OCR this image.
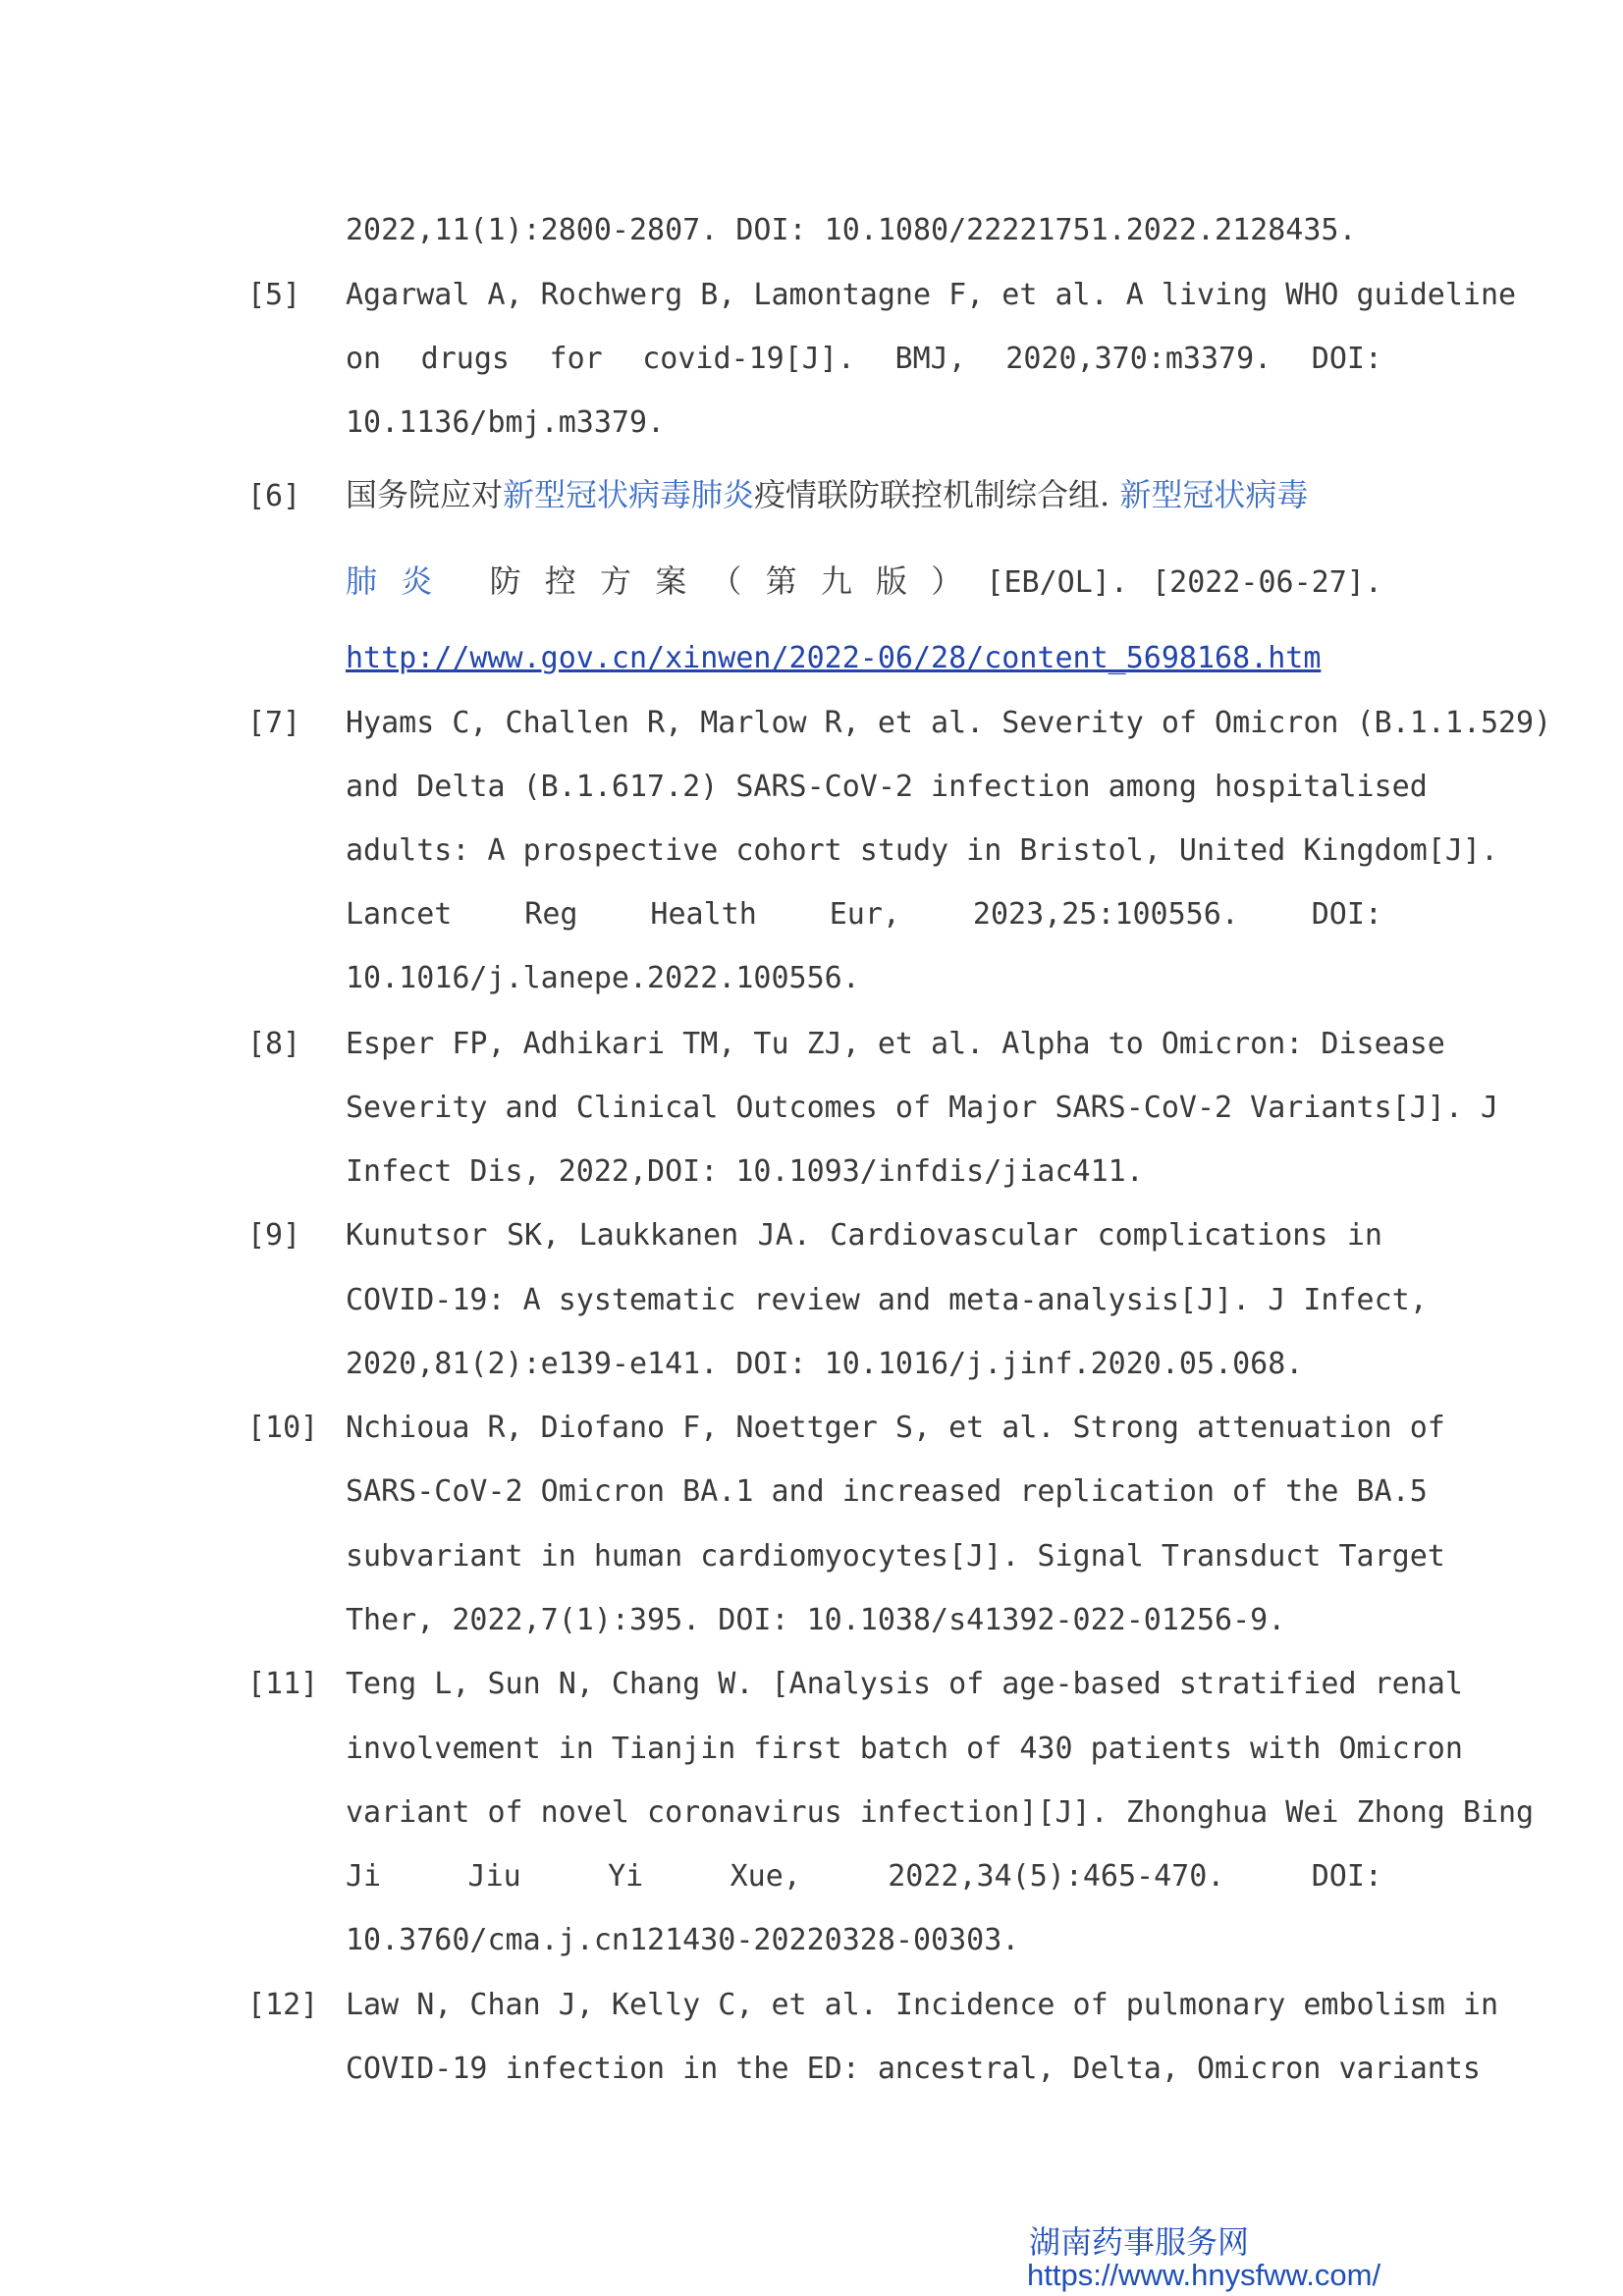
2022,11(1):2800-2807. DOI: 10.1080/22221751.2022.2128435.
[5] Agarwal A, Rochwerg B, Lamontagne F, et al. A living WHO guideline
on drugs for covid-19[J]. BMJ, 2020,370:m3379. DOI:
10.1136/bmj.m3379.
[6] 国务院应对新型冠状病毒肺炎疫情联防联控机制综合组. 新型冠状病毒
肺 炎 防 控 方 案 （ 第 九 版 ） [EB/OL]. [2022-06-27].
http://www.gov.cn/xinwen/2022-06/28/content_5698168.htm
[7] Hyams C, Challen R, Marlow R, et al. Severity of Omicron (B.1.1.529)
and Delta (B.1.617.2) SARS-CoV-2 infection among hospitalised
adults: A prospective cohort study in Bristol, United Kingdom[J].
Lancet Reg Health Eur, 2023,25:100556. DOI:
10.1016/j.lanepe.2022.100556.
[8] Esper FP, Adhikari TM, Tu ZJ, et al. Alpha to Omicron: Disease
Severity and Clinical Outcomes of Major SARS-CoV-2 Variants[J]. J
Infect Dis, 2022,DOI: 10.1093/infdis/jiac411.
[9] Kunutsor SK, Laukkanen JA. Cardiovascular complications in
COVID-19: A systematic review and meta-analysis[J]. J Infect,
2020,81(2):e139-e141. DOI: 10.1016/j.jinf.2020.05.068.
[10] Nchioua R, Diofano F, Noettger S, et al. Strong attenuation of
SARS-CoV-2 Omicron BA.1 and increased replication of the BA.5
subvariant in human cardiomyocytes[J]. Signal Transduct Target
Ther, 2022,7(1):395. DOI: 10.1038/s41392-022-01256-9.
[11] Teng L, Sun N, Chang W. [Analysis of age-based stratified renal
involvement in Tianjin first batch of 430 patients with Omicron
variant of novel coronavirus infection][J]. Zhonghua Wei Zhong Bing
Ji Jiu Yi Xue, 2022,34(5):465-470. DOI:
10.3760/cma.j.cn121430-20220328-00303.
[12] Law N, Chan J, Kelly C, et al. Incidence of pulmonary embolism in
COVID-19 infection in the ED: ancestral, Delta, Omicron variants
湖南药事服务网
https://www.hnysfww.com/
